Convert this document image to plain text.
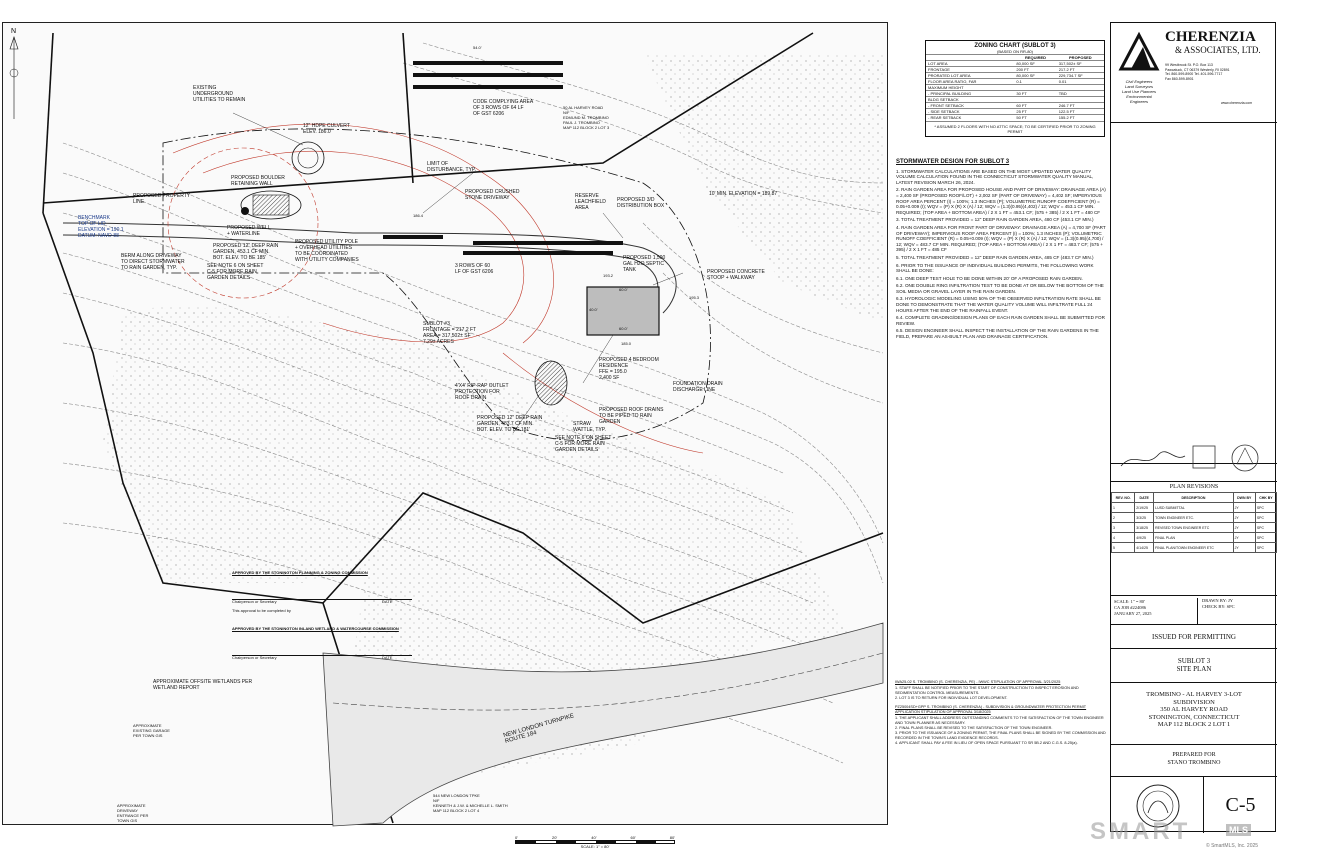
EXISTING
UNDERGROUND
UTILITIES TO REMAIN
12" HDPE CULVERT
ELEV. 186.0
CODE COMPLYING AREA
OF 3 ROWS OF 64 LF
OF GST 6206
50 AL HARVEY ROAD
N/F
EDMUND M. TROMBINO
PAUL J. TROMBINO
MAP 112 BLOCK 2 LOT 3
LIMIT OF
DISTURBANCE, TYP.
PROPOSED BOULDER
RETAINING WALL
PROPOSED CRUSHED
STONE DRIVEWAY	RESERVE
LEACHFIELD
AREA
PROPOSED 3/D
DISTRIBUTION BOX
10' MIN. ELEVATION = 189.87
PROPOSED PROPERTY
LINE
BENCHMARK
TOP OF LID
ELEVATION = 190.1
DATUM: NAVD-88
PROPOSED WELL
+ WATERLINE
PROPOSED 12" DEEP RAIN
GARDEN, 453.1 CF MIN.
BOT. ELEV. TO BE 185'
BERM ALONG DRIVEWAY
TO DIRECT STORMWATER
TO RAIN GARDEN, TYP.
PROPOSED UTILITY POLE
+ OVERHEAD UTILITIES
TO BE COORDINATED
WITH UTILITY COMPANIES
SEE NOTE 6 ON SHEET
C-5 FOR MORE RAIN
GARDEN DETAILS
3 ROWS OF 60
LF OF GST 6206
PROPOSED 1,500
GAL H2O SEPTIC
TANK	PROPOSED CONCRETE
STOOP + WALKWAY
SUBLOT #3
FRONTAGE = 217.2 FT
AREA = 317,502± SF
7.29± ACRES
PROPOSED 4 BEDROOM
RESIDENCE
FFE = 195.0
2,400 SF
FOUNDATION DRAIN
DISCHARGE LINE
4'X4' RIP-RAP OUTLET
PROTECTION FOR
ROOF DRAIN
PROPOSED ROOF DRAINS
TO BE PIPED TO RAIN
GARDEN
PROPOSED 12" DEEP RAIN
GARDEN, 483.7 CF MIN.
BOT. ELEV. TO BE 181'
STRAW
WATTLE, TYP.
SEE NOTE 6 ON SHEET
C-5 FOR MORE RAIN
GARDEN DETAILS
APPROXIMATE OFFSITE WETLANDS PER
WETLAND REPORT
NEW LONDON TURNPIKE
ROUTE 184
60.0'
60.0'
40.0'
193.2
195.3
185.0
54.0'
186.4
544 NEW LONDON TPKE
N/F
KENNETH & J.W. & MICHELLE L. SMITH
MAP 112 BLOCK 2 LOT 4
APPROXIMATE
EXISTING GARAGE
PER TOWN GIS
APPROXIMATE
DRIVEWAY
ENTRANCE PER
TOWN GIS
N
0'	20'	40'	60'	80'
SCALE: 1" = 80'
ZONING CHART (SUBLOT 3)
(BASED ON RR-80)
	REQUIRED	PROPOSED
LOT AREA	80,000 SF	317,502± SF
FRONTAGE	200 FT	217.2 FT
PRORATED LOT AREA	80,000 SF	229,734.7 SF
FLOOR AREA RATIO, FAR	0.1	0.01
MAXIMUM HEIGHT		
- PRINCIPAL BUILDING	30 FT	TBD
BLDG SETBACK		
- FRONT SETBACK	60 FT	246.7 FT
- SIDE SETBACK	25 FT	122.5 FT
- REAR SETBACK	50 FT	155.2 FT
* ASSUMED 2 FLOORS WITH NO ATTIC SPACE; TO BE CERTIFIED PRIOR TO ZONING PERMIT
STORMWATER DESIGN FOR SUBLOT 3
1. STORMWATER CALCULATIONS ARE BASED ON THE MOST UPDATED WATER QUALITY VOLUME CALCULATION FOUND IN THE CONNECTICUT STORMWATER QUALITY MANUAL, LATEST REVISION MARCH 26, 2024.
2. RAIN GARDEN AREA FOR PROPOSED HOUSE AND PART OF DRIVEWAY: DRAINAGE AREA (A) = 2,400 SF (PROPOSED ROOF/LOT) + 2,002 SF (PART OF DRIVEWAY) = 4,402 SF; IMPERVIOUS ROOF AREA PERCENT (I) = 100%; 1.3 INCHES (P); VOLUMETRIC RUNOFF COEFFICIENT (R) = 0.05+0.009 (I); WQV = (P) X (R) X (A) / 12; WQV = (1.3)(0.95)(4,402) / 12; WQV = 453.1 CF MIN. REQUIRED; (TOP AREA + BOTTOM AREA) / 2 X 1 FT = 453.1 CF; (575 + 385) / 2 X 1 FT = 480 CF
3. TOTAL TREATMENT PROVIDED = 12" DEEP RAIN GARDEN AREA, 480 CF (453.1 CF MIN.)
4. RAIN GARDEN AREA FOR FRONT PART OF DRIVEWAY: DRAINAGE AREA (A) = 4,700 SF (PART OF DRIVEWAY); IMPERVIOUS ROOF AREA PERCENT (I) = 100%; 1.3 INCHES (P); VOLUMETRIC RUNOFF COEFFICIENT (R) = 0.05+0.009 (I); WQV = (P) X (R) X (A) / 12; WQV = (1.3)(0.95)(4,700) / 12; WQV = 483.7 CF MIN. REQUIRED; (TOP AREA + BOTTOM AREA) / 2 X 1 FT = 483.7 CF; (575 + 395) / 2 X 1 FT = 485 CF
5. TOTAL TREATMENT PROVIDED = 12" DEEP RAIN GARDEN AREA, 485 CF (483.7 CF MIN.)
6. PRIOR TO THE ISSUANCE OF INDIVIDUAL BUILDING PERMITS, THE FOLLOWING WORK SHALL BE DONE:
6.1. ONE DEEP TEST HOLE TO BE DONE WITHIN 20' OF A PROPOSED RAIN GARDEN.
6.2. ONE DOUBLE RING INFILTRATION TEST TO BE DONE AT OR BELOW THE BOTTOM OF THE SOIL MEDIA OR GRAVEL LAYER IN THE RAIN GARDEN.
6.3. HYDROLOGIC MODELING USING 50% OF THE OBSERVED INFILTRATION RATE SHALL BE DONE TO DEMONSTRATE THAT THE WATER QUALITY VOLUME WILL INFILTRATE FULL 24 HOURS AFTER THE END OF THE RAINFALL EVENT.
6.4. COMPLETE GRADING/DESIGN PLANS OF EACH RAIN GARDEN SHALL BE SUBMITTED FOR REVIEW.
6.5. DESIGN ENGINEER SHALL INSPECT THE INSTALLATION OF THE RAIN GARDENS IN THE FIELD, PREPARE AN AS-BUILT PLAN AND DRAINAGE CERTIFICATION.
APPROVED BY THE STONINGTON PLANNING & ZONING COMMISSION
Chairperson or Secretary	DATE
This approval to be completed by
APPROVED BY THE STONINGTON INLAND WETLAND & WATERCOURSE COMMISSION
Chairperson or Secretary	DATE
IWA25-02 S. TROMBINO (S. CHERENZIA, PE) - IWWC STIPULATION OF APPROVAL 3/21/2025
1. STAFF SHALL BE NOTIFIED PRIOR TO THE START OF CONSTRUCTION TO INSPECT EROSION AND SEDIMENTATION CONTROL MEASUREMENTS.
2. LOT 3 IS TO RETURN FOR INDIVIDUAL LOT DEVELOPMENT.
PZ25004SD+GPP S. TROMBINO (S. CHERENZIA) - SUBDIVISION & GROUNDWATER PROTECTION PERMIT APPLICATION STIPULATION OF APPROVAL 3/18/2025
1. THE APPLICANT SHALL ADDRESS OUTSTANDING COMMENTS TO THE SATISFACTION OF THE TOWN ENGINEER AND TOWN PLANNER AS NECESSARY.
2. FINAL PLANS SHALL BE REVISED TO THE SATISFACTION OF THE TOWN ENGINEER.
3. PRIOR TO THE ISSUANCE OF A ZONING PERMIT, THE FINAL PLANS SHALL BE SIGNED BY THE COMMISSION AND RECORDED IN THE TOWN'S LAND EVIDENCE RECORDS.
4. APPLICANT SHALL PAY A FEE IN LIEU OF OPEN SPACE PURSUANT TO SR 5B.2 AND C.G.S. 8-25(a).
CHERENZIA
& ASSOCIATES, LTD.
99 Westbrook St. P.O. Box 113
Pawcatuck, CT 06379 Westerly, RI 02891
Tel. 860-599-8900 Tel. 401-596-7717
Fax 860-599-8901
www.cherenzia.com
Civil Engineers
Land Surveyors
Land Use Planners
Environmental Engineers
PLAN REVISIONS
REV. NO.	DATE	DESCRIPTION	DWN BY	CHK BY
1	2/19/25	LUSD SUBMITTAL	JY	SPC
2	3/3/25	TOWN ENGINEER ETC.	JY	SPC
3	3/18/25	REVISED TOWN ENGINEER ETC	JY	SPC
4	4/9/25	FINAL PLAN	JY	SPC
5	4/14/25	FINAL PLAN/TOWN ENGINEER ETC	JY	SPC
SCALE: 1" = 80'
CA JOB #224086
JANUARY 27, 2025
DRAWN BY: JY
CHECK BY: SPC
ISSUED FOR PERMITTING
SUBLOT 3
SITE PLAN
TROMBINO - AL HARVEY 3-LOT
SUBDIVISION
350 AL HARVEY ROAD
STONINGTON, CONNECTICUT
MAP 112 BLOCK 2 LOT 1
PREPARED FOR
STANO TROMBINO
C-5
SMART	MLS
© SmartMLS, Inc. 2025
